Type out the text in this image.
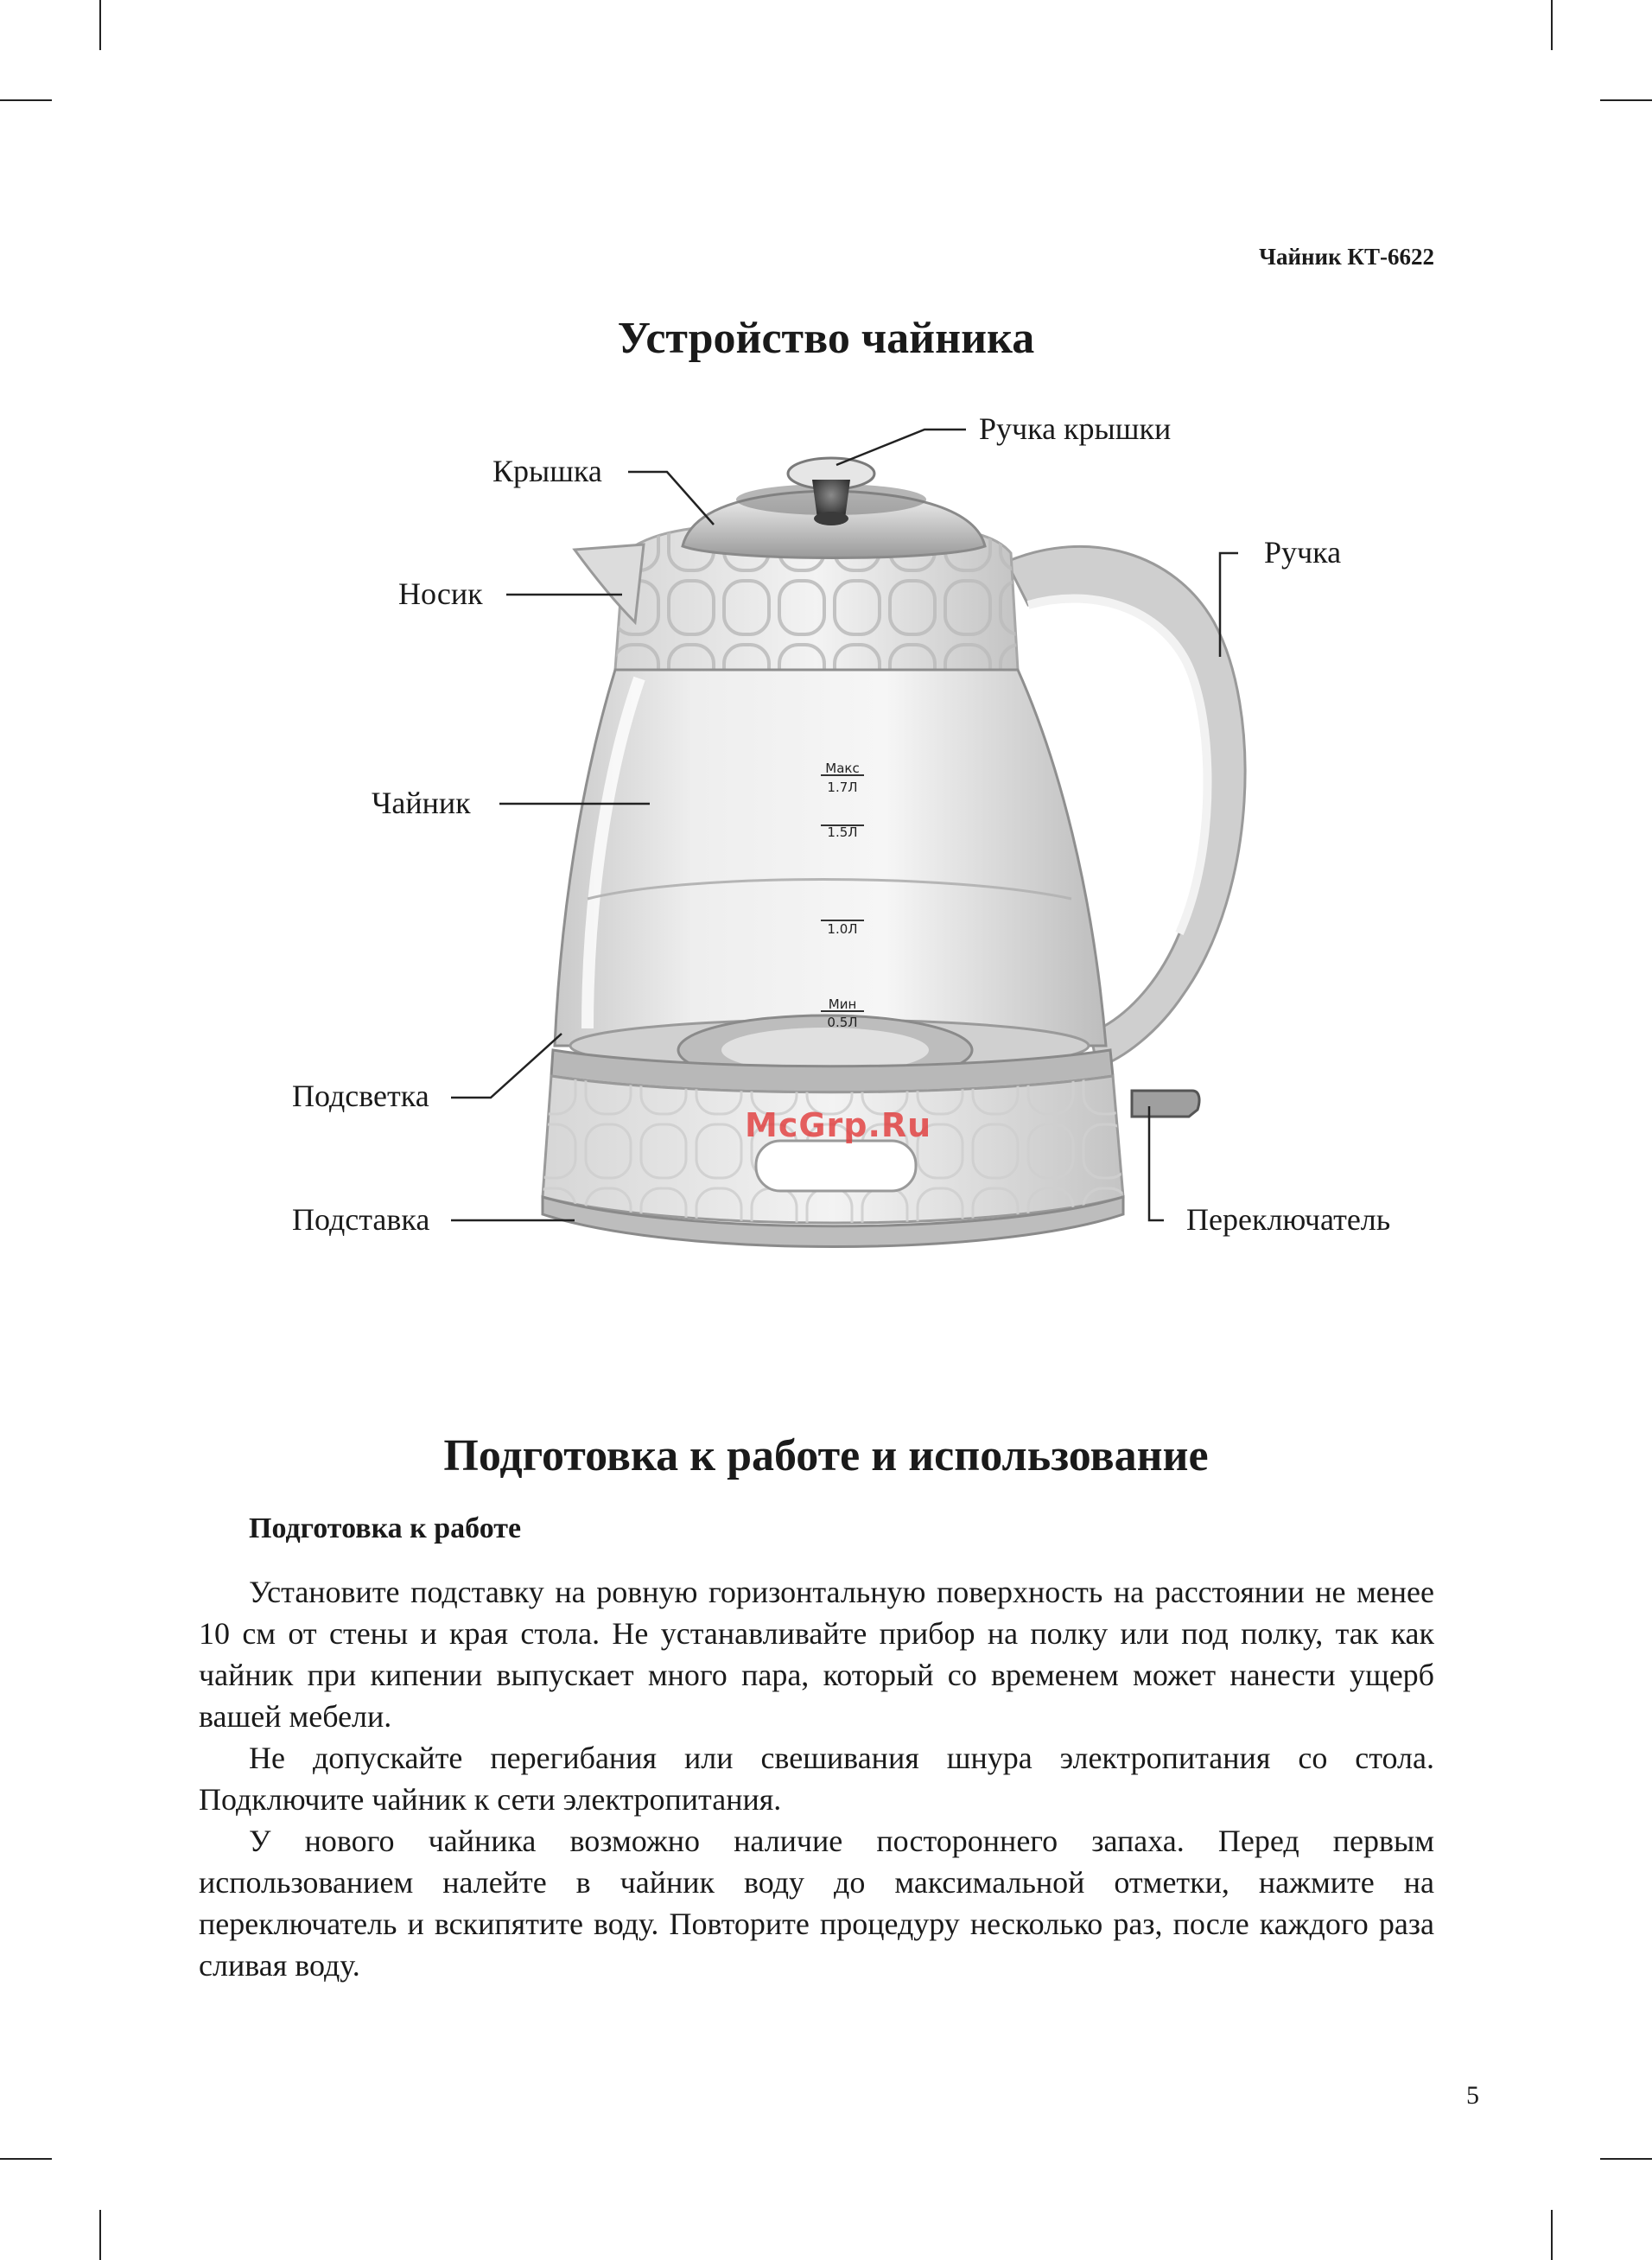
Чайник КТ-6622
Устройство чайника
Макс
1.7Л
1.5Л
1.0Л
Мин
0.5Л
Ручка крышки
Крышка
Ручка
Носик
Чайник
Подсветка
Подставка	Переключатель
McGrp.Ru
Подготовка к работе и использование
Подготовка к работе

Установите подставку на ровную горизонтальную поверхность на расстоянии не менее 10 см от стены и края стола. Не устанавливайте прибор на полку или под полку, так как чайник при кипении выпускает много пара, который со временем может нанести ущерб вашей мебели.

Не допускайте перегибания или свешивания шнура электропитания со стола. Подключите чайник к сети электропитания.

У нового чайника возможно наличие постороннего запаха. Перед первым использованием налейте в чайник воду до максимальной отметки, нажмите на переключатель и вскипятите воду. Повторите процедуру несколько раз, после каждого раза сливая воду.

5
